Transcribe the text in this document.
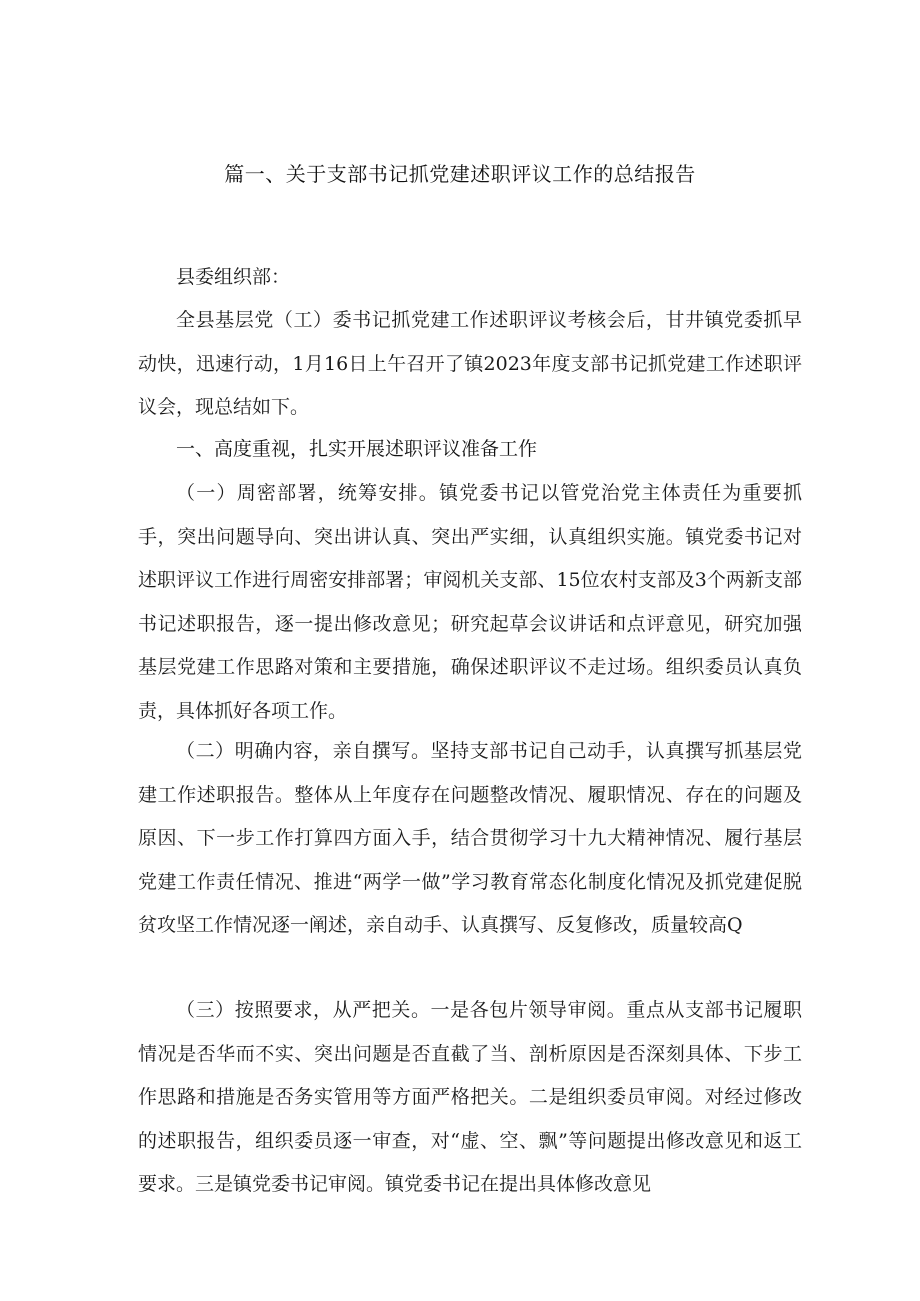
篇一、关于支部书记抓党建述职评议工作的总结报告
县委组织部：
全县基层党（工）委书记抓党建工作述职评议考核会后，甘井镇党委抓早动快，迅速行动，1月16日上午召开了镇2023年度支部书记抓党建工作述职评议会，现总结如下。
一、高度重视，扎实开展述职评议准备工作
（一）周密部署，统筹安排。镇党委书记以管党治党主体责任为重要抓手，突出问题导向、突出讲认真、突出严实细，认真组织实施。镇党委书记对述职评议工作进行周密安排部署；审阅机关支部、15位农村支部及3个两新支部书记述职报告，逐一提出修改意见；研究起草会议讲话和点评意见，研究加强基层党建工作思路对策和主要措施，确保述职评议不走过场。组织委员认真负责，具体抓好各项工作。
（二）明确内容，亲自撰写。坚持支部书记自己动手，认真撰写抓基层党建工作述职报告。整体从上年度存在问题整改情况、履职情况、存在的问题及原因、下一步工作打算四方面入手，结合贯彻学习十九大精神情况、履行基层党建工作责任情况、推进“两学一做”学习教育常态化制度化情况及抓党建促脱贫攻坚工作情况逐一阐述，亲自动手、认真撰写、反复修改，质量较高Q
（三）按照要求，从严把关。一是各包片领导审阅。重点从支部书记履职情况是否华而不实、突出问题是否直截了当、剖析原因是否深刻具体、下步工作思路和措施是否务实管用等方面严格把关。二是组织委员审阅。对经过修改的述职报告，组织委员逐一审查，对“虚、空、飘”等问题提出修改意见和返工要求。三是镇党委书记审阅。镇党委书记在提出具体修改意见
